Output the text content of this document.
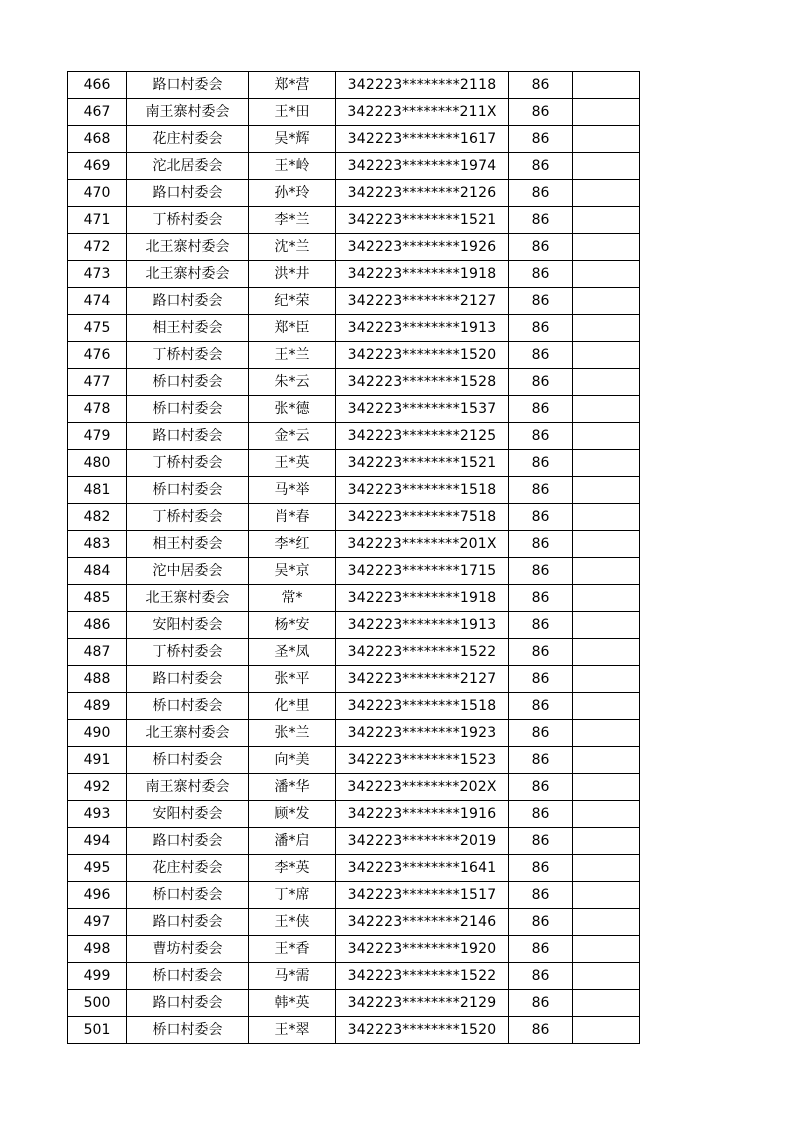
466	路口村委会	郑*营	342223********2118	86	
467	南王寨村委会	王*田	342223********211X	86	
468	花庄村委会	吴*辉	342223********1617	86	
469	沱北居委会	王*岭	342223********1974	86	
470	路口村委会	孙*玲	342223********2126	86	
471	丁桥村委会	李*兰	342223********1521	86	
472	北王寨村委会	沈*兰	342223********1926	86	
473	北王寨村委会	洪*井	342223********1918	86	
474	路口村委会	纪*荣	342223********2127	86	
475	相王村委会	郑*臣	342223********1913	86	
476	丁桥村委会	王*兰	342223********1520	86	
477	桥口村委会	朱*云	342223********1528	86	
478	桥口村委会	张*德	342223********1537	86	
479	路口村委会	金*云	342223********2125	86	
480	丁桥村委会	王*英	342223********1521	86	
481	桥口村委会	马*举	342223********1518	86	
482	丁桥村委会	肖*春	342223********7518	86	
483	相王村委会	李*红	342223********201X	86	
484	沱中居委会	吴*京	342223********1715	86	
485	北王寨村委会	常*	342223********1918	86	
486	安阳村委会	杨*安	342223********1913	86	
487	丁桥村委会	圣*凤	342223********1522	86	
488	路口村委会	张*平	342223********2127	86	
489	桥口村委会	化*里	342223********1518	86	
490	北王寨村委会	张*兰	342223********1923	86	
491	桥口村委会	向*美	342223********1523	86	
492	南王寨村委会	潘*华	342223********202X	86	
493	安阳村委会	顾*发	342223********1916	86	
494	路口村委会	潘*启	342223********2019	86	
495	花庄村委会	李*英	342223********1641	86	
496	桥口村委会	丁*席	342223********1517	86	
497	路口村委会	王*侠	342223********2146	86	
498	曹坊村委会	王*香	342223********1920	86	
499	桥口村委会	马*需	342223********1522	86	
500	路口村委会	韩*英	342223********2129	86	
501	桥口村委会	王*翠	342223********1520	86	
